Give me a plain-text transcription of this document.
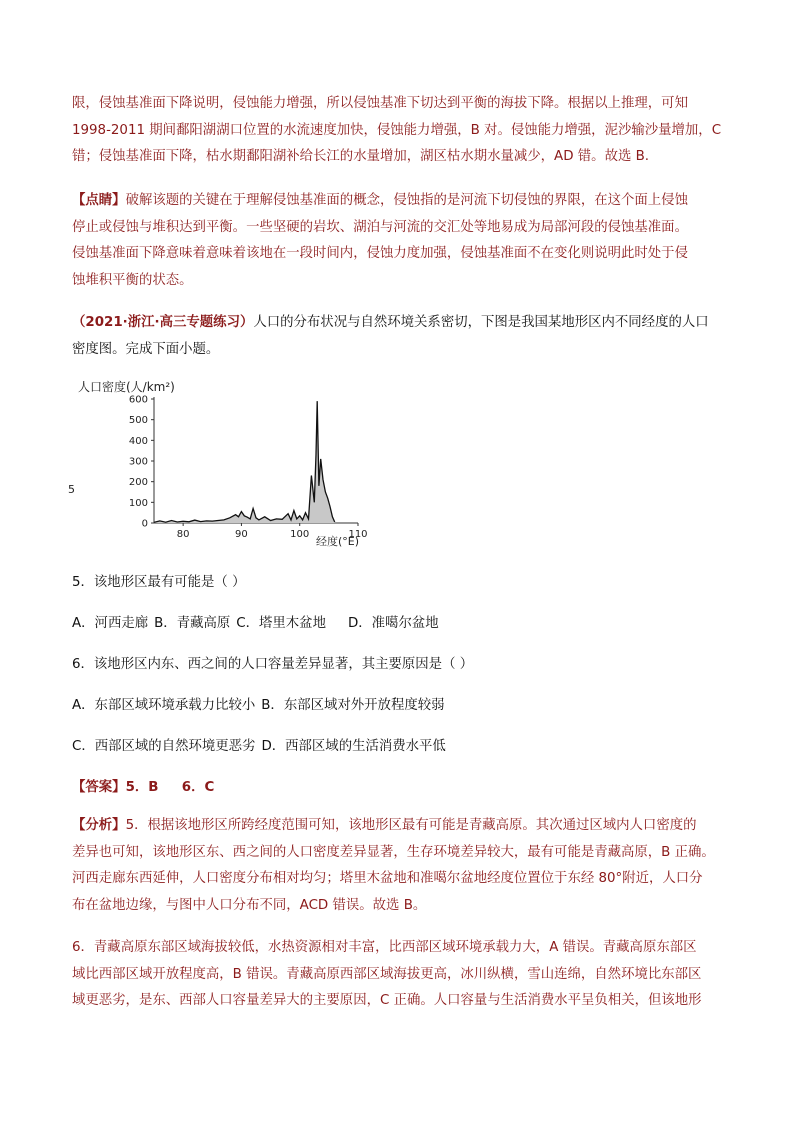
限，侵蚀基准面下降说明，侵蚀能力增强，所以侵蚀基准下切达到平衡的海拔下降。根据以上推理，可知
1998-2011 期间鄱阳湖湖口位置的水流速度加快，侵蚀能力增强，B 对。侵蚀能力增强，泥沙输沙量增加，C
错；侵蚀基准面下降，枯水期鄱阳湖补给长江的水量增加，湖区枯水期水量减少，AD 错。故选 B.
【点睛】破解该题的关键在于理解侵蚀基准面的概念，侵蚀指的是河流下切侵蚀的界限，在这个面上侵蚀
停止或侵蚀与堆积达到平衡。一些坚硬的岩坎、湖泊与河流的交汇处等地易成为局部河段的侵蚀基准面。
侵蚀基准面下降意味着意味着该地在一段时间内，侵蚀力度加强，侵蚀基准面不在变化则说明此时处于侵
蚀堆积平衡的状态。
（2021·浙江·高三专题练习）人口的分布状况与自然环境关系密切，下图是我国某地形区内不同经度的人口
密度图。完成下面小题。
人口密度(人/km²)
5
0
100
200
300
400
500
600
80	90	100	110
经度(°E)

5．该地形区最有可能是（ ）

A．河西走廊 B．青藏高原 C．塔里木盆地 D．准噶尔盆地

6．该地形区内东、西之间的人口容量差异显著，其主要原因是（ ）

A．东部区域环境承载力比较小 B．东部区域对外开放程度较弱

C．西部区域的自然环境更恶劣 D．西部区域的生活消费水平低

【答案】5．B     6．C

【分析】5．根据该地形区所跨经度范围可知，该地形区最有可能是青藏高原。其次通过区域内人口密度的
差异也可知，该地形区东、西之间的人口密度差异显著，生存环境差异较大，最有可能是青藏高原，B 正确。
河西走廊东西延伸，人口密度分布相对均匀；塔里木盆地和准噶尔盆地经度位置位于东经 80°附近，人口分
布在盆地边缘，与图中人口分布不同，ACD 错误。故选 B。
6．青藏高原东部区域海拔较低，水热资源相对丰富，比西部区域环境承载力大，A 错误。青藏高原东部区
域比西部区域开放程度高，B 错误。青藏高原西部区域海拔更高，冰川纵横，雪山连绵，自然环境比东部区
域更恶劣，是东、西部人口容量差异大的主要原因，C 正确。人口容量与生活消费水平呈负相关，但该地形
